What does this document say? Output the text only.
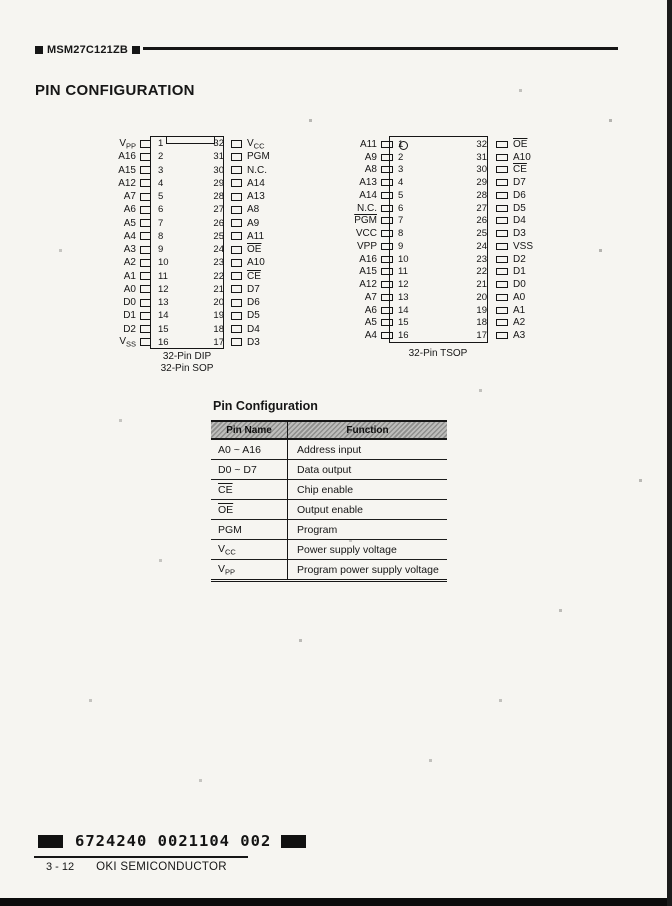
MSM27C121ZB
PIN CONFIGURATION
$V_{PP}$	1	32	$V_{CC}$
A16	2	31	PGM
A15	3	30	N.C.
A12	4	29	A14
A7	5	28	A13
A6	6	27	A8
A5	7	26	A9
A4	8	25	A11
A3	9	24	$\overline{OE}$
A2	10	23	A10
A1	11	22	$\overline{CE}$
A0	12	21	D7
D0	13	20	D6
D1	14	19	D5
D2	15	18	D4
$V_{SS}$	16	17	D3
32-Pin DIP
32-Pin SOP
A11	1	32	$\overline{OE}$
A9	2	31	A10
A8	3	30	$\overline{CE}$
A13	4	29	D7
A14	5	28	D6
N.C.	6	27	D5
$\overline{PGM}$	7	26	D4
VCC	8	25	D3
VPP	9	24	VSS
A16	10	23	D2
A15	11	22	D1
A12	12	21	D0
A7	13	20	A0
A6	14	19	A1
A5	15	18	A2
A4	16	17	A3
32-Pin TSOP
Pin Configuration
Pin Name	Function
A0 ~ A16	Address input
D0 ~ D7	Data output
$\overline{CE}$	Chip enable
$\overline{OE}$	Output enable
PGM	Program
$V_{CC}$	Power supply voltage
$V_{PP}$	Program power supply voltage
6724240 0021104 002
3 - 12 OKI SEMICONDUCTOR
